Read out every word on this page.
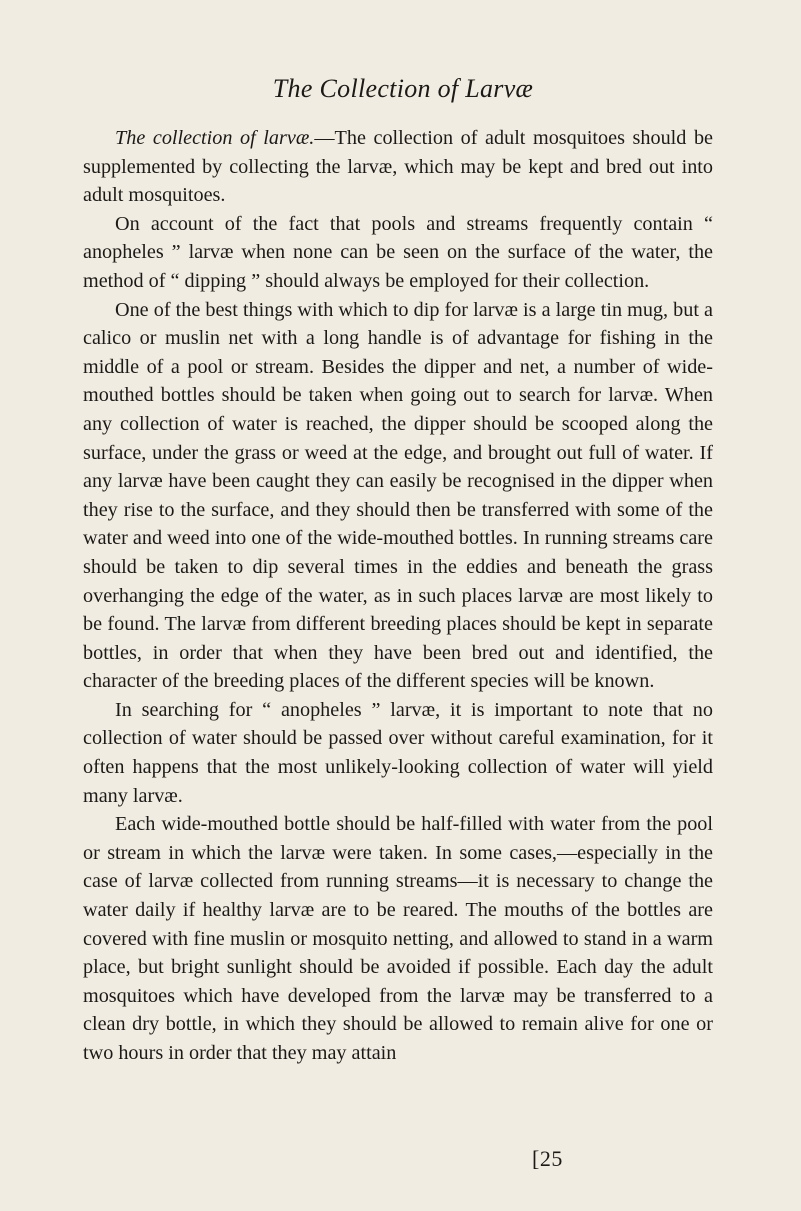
The Collection of Larvæ

The collection of larvæ.—The collection of adult mosquitoes should be supplemented by collecting the larvæ, which may be kept and bred out into adult mosquitoes.

On account of the fact that pools and streams frequently contain “ anopheles ” larvæ when none can be seen on the surface of the water, the method of “ dipping ” should always be employed for their collection.

One of the best things with which to dip for larvæ is a large tin mug, but a calico or muslin net with a long handle is of advantage for fishing in the middle of a pool or stream. Besides the dipper and net, a number of wide-mouthed bottles should be taken when going out to search for larvæ. When any collection of water is reached, the dipper should be scooped along the surface, under the grass or weed at the edge, and brought out full of water. If any larvæ have been caught they can easily be recognised in the dipper when they rise to the surface, and they should then be transferred with some of the water and weed into one of the wide-mouthed bottles. In running streams care should be taken to dip several times in the eddies and beneath the grass overhanging the edge of the water, as in such places larvæ are most likely to be found. The larvæ from different breeding places should be kept in separate bottles, in order that when they have been bred out and identified, the character of the breeding places of the different species will be known.

In searching for “ anopheles ” larvæ, it is important to note that no collection of water should be passed over without careful examination, for it often happens that the most unlikely-looking collection of water will yield many larvæ.

Each wide-mouthed bottle should be half-filled with water from the pool or stream in which the larvæ were taken. In some cases,—especially in the case of larvæ collected from running streams—it is necessary to change the water daily if healthy larvæ are to be reared. The mouths of the bottles are covered with fine muslin or mosquito netting, and allowed to stand in a warm place, but bright sunlight should be avoided if possible. Each day the adult mosquitoes which have developed from the larvæ may be transferred to a clean dry bottle, in which they should be allowed to remain alive for one or two hours in order that they may attain

[25
